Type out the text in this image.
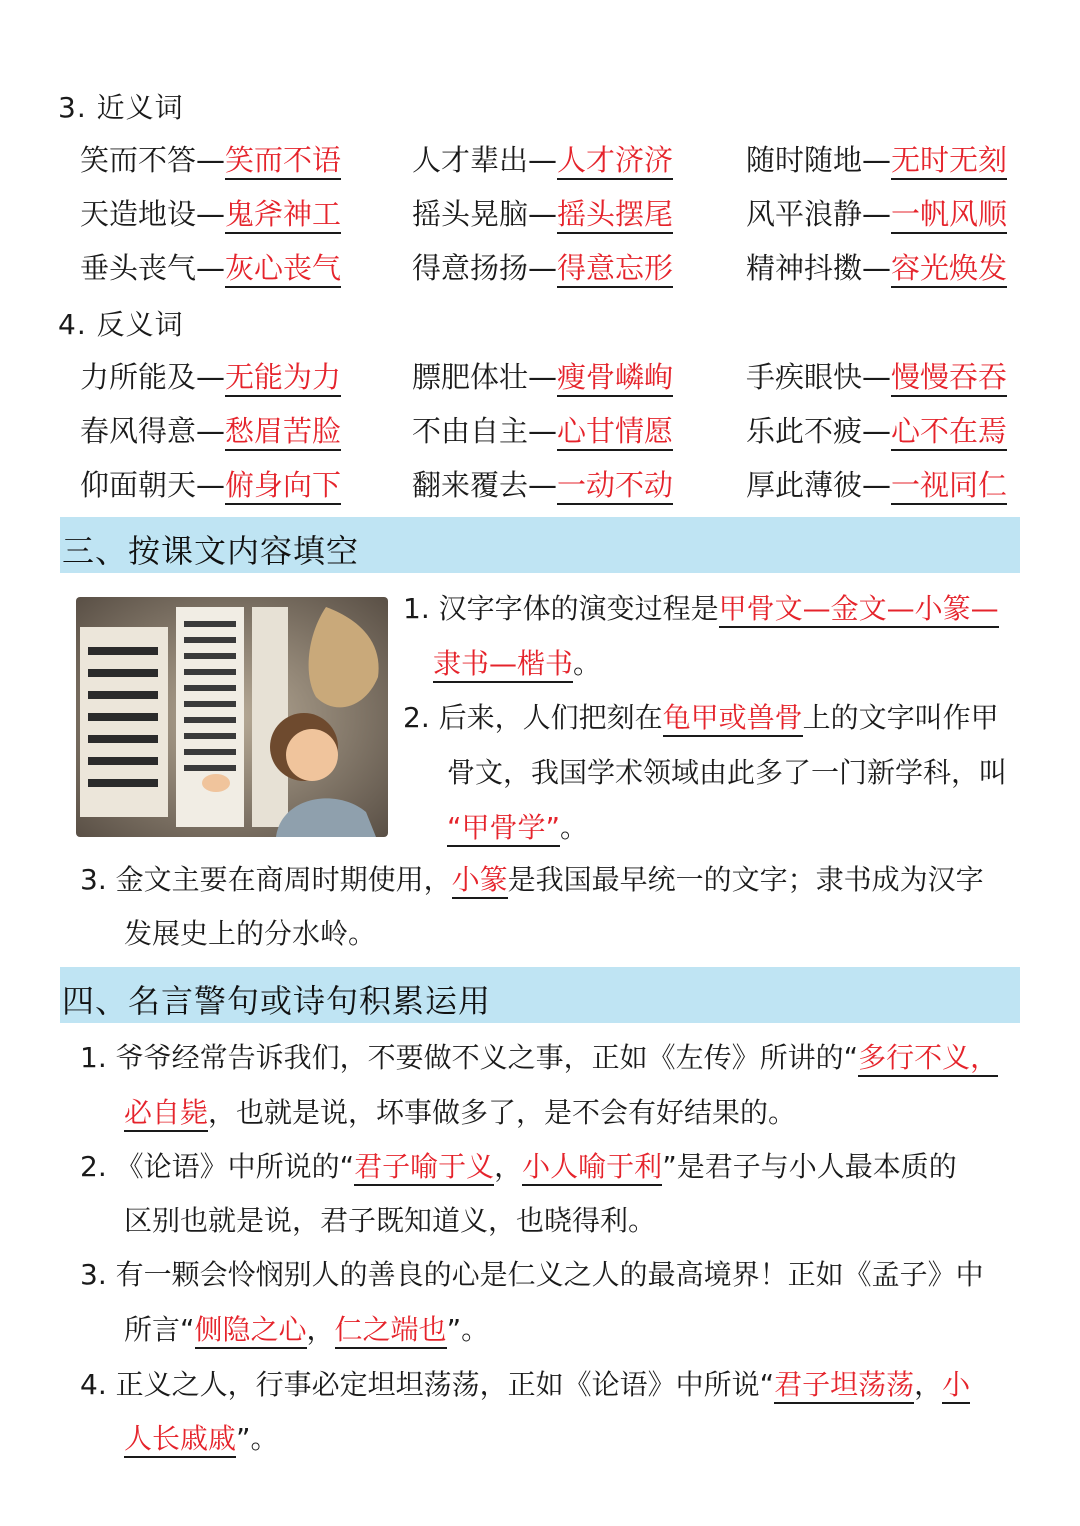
3. 近义词
笑而不答—笑而不语 人才辈出—人才济济	随时随地—无时无刻
天造地设—鬼斧神工 摇头晃脑—摇头摆尾	风平浪静—一帆风顺
垂头丧气—灰心丧气 得意扬扬—得意忘形	精神抖擞—容光焕发
4. 反义词
力所能及—无能为力 膘肥体壮—瘦骨嶙峋	手疾眼快—慢慢吞吞
春风得意—愁眉苦脸 不由自主—心甘情愿	乐此不疲—心不在焉
仰面朝天—俯身向下 翻来覆去—一动不动	厚此薄彼—一视同仁
三、按课文内容填空
1. 汉字字体的演变过程是甲骨文—金文—小篆—
隶书—楷书。
2. 后来，人们把刻在龟甲或兽骨上的文字叫作甲
骨文，我国学术领域由此多了一门新学科，叫
“甲骨学”。
3. 金文主要在商周时期使用，小篆是我国最早统一的文字；隶书成为汉字
发展史上的分水岭。
四、名言警句或诗句积累运用
1. 爷爷经常告诉我们，不要做不义之事，正如《左传》所讲的“多行不义，
必自毙，也就是说，坏事做多了，是不会有好结果的。
2. 《论语》中所说的“君子喻于义，小人喻于利”是君子与小人最本质的
区别也就是说，君子既知道义，也晓得利。
3. 有一颗会怜悯别人的善良的心是仁义之人的最高境界！正如《孟子》中
所言“侧隐之心，仁之端也”。
4. 正义之人，行事必定坦坦荡荡，正如《论语》中所说“君子坦荡荡，小
人长戚戚”。
